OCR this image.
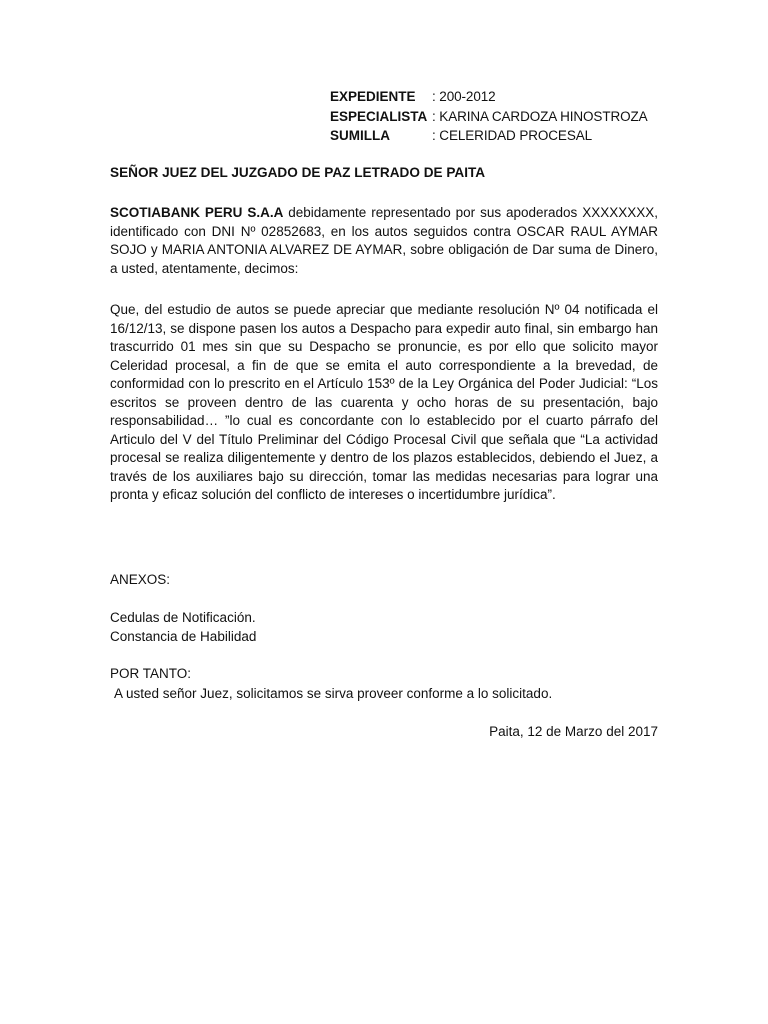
EXPEDIENTE	: 200-2012
ESPECIALISTA : KARINA CARDOZA HINOSTROZA
SUMILLA	: CELERIDAD PROCESAL
SEÑOR JUEZ DEL JUZGADO DE PAZ LETRADO DE PAITA
SCOTIABANK PERU S.A.A debidamente representado por sus apoderados XXXXXXXX, identificado con DNI Nº 02852683, en los autos seguidos contra OSCAR RAUL AYMAR SOJO y MARIA ANTONIA ALVAREZ DE AYMAR, sobre obligación de Dar suma de Dinero, a usted, atentamente, decimos:
Que, del estudio de autos se puede apreciar que mediante resolución Nº 04 notificada el 16/12/13, se dispone pasen los autos a Despacho para expedir auto final, sin embargo han trascurrido 01 mes sin que su Despacho se pronuncie, es por ello que solicito mayor Celeridad procesal, a fin de que se emita el auto correspondiente a la brevedad, de conformidad con lo prescrito en el Artículo 153º de la Ley Orgánica del Poder Judicial: “Los escritos se proveen dentro de las cuarenta y ocho horas de su presentación, bajo responsabilidad… ”lo cual es concordante con lo establecido por el cuarto párrafo del Articulo del V del Título Preliminar del Código Procesal Civil que señala que “La actividad procesal se realiza diligentemente y dentro de los plazos establecidos, debiendo el Juez, a través de los auxiliares bajo su dirección, tomar las medidas necesarias para lograr una pronta y eficaz solución del conflicto de intereses o incertidumbre jurídica”.
ANEXOS:
Cedulas de Notificación.
Constancia de Habilidad
POR TANTO:
A usted señor Juez, solicitamos se sirva proveer conforme a lo solicitado.
Paita, 12 de Marzo del 2017
